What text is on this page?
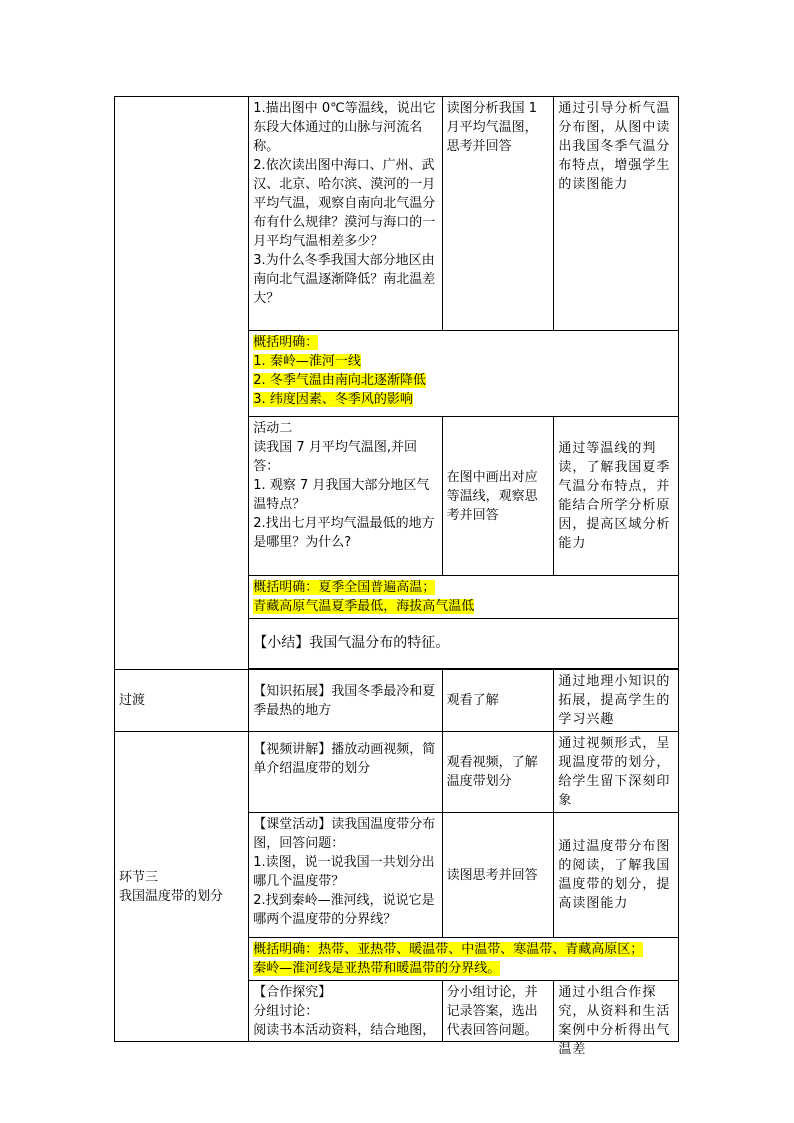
	1.描出图中 0℃等温线，说出它东段大体通过的山脉与河流名称。
2.依次读出图中海口、广州、武汉、北京、哈尔滨、漠河的一月平均气温，观察自南向北气温分布有什么规律？漠河与海口的一月平均气温相差多少？
3.为什么冬季我国大部分地区由南向北气温逐渐降低？南北温差大？	读图分析我国 1 月平均气温图，思考并回答	通过引导分析气温分布图，从图中读出我国冬季气温分布特点，增强学生的读图能力
	概括明确：
1. 秦岭—淮河一线
2. 冬季气温由南向北逐渐降低
3. 纬度因素、冬季风的影响		

	活动二
读我国 7 月平均气温图,并回答：
1. 观察 7 月我国大部分地区气温特点？
2.找出七月平均气温最低的地方是哪里？为什么?	在图中画出对应等温线，观察思考并回答	通过等温线的判读，了解我国夏季气温分布特点，并能结合所学分析原因，提高区域分析能力
	概括明确：夏季全国普遍高温；
青藏高原气温夏季最低，海拔高气温低		
	【小结】我国气温分布的特征。		

过渡	【知识拓展】我国冬季最冷和夏季最热的地方	观看了解	通过地理小知识的拓展，提高学生的学习兴趣

环节三
我国温度带的划分	【视频讲解】播放动画视频，简单介绍温度带的划分	观看视频，了解温度带划分	通过视频形式，呈现温度带的划分，给学生留下深刻印象

	【课堂活动】读我国温度带分布图，回答问题：
1.读图，说一说我国一共划分出哪几个温度带？
2.找到秦岭—淮河线，说说它是哪两个温度带的分界线？	读图思考并回答	通过温度带分布图的阅读，了解我国温度带的划分，提高读图能力
	概括明确：热带、亚热带、暖温带、中温带、寒温带、青藏高原区；
秦岭—淮河线是亚热带和暖温带的分界线。		

	【合作探究】
分组讨论：
阅读书本活动资料，结合地图，	分小组讨论，并记录答案，选出代表回答问题。	通过小组合作探究，从资料和生活案例中分析得出气温差
